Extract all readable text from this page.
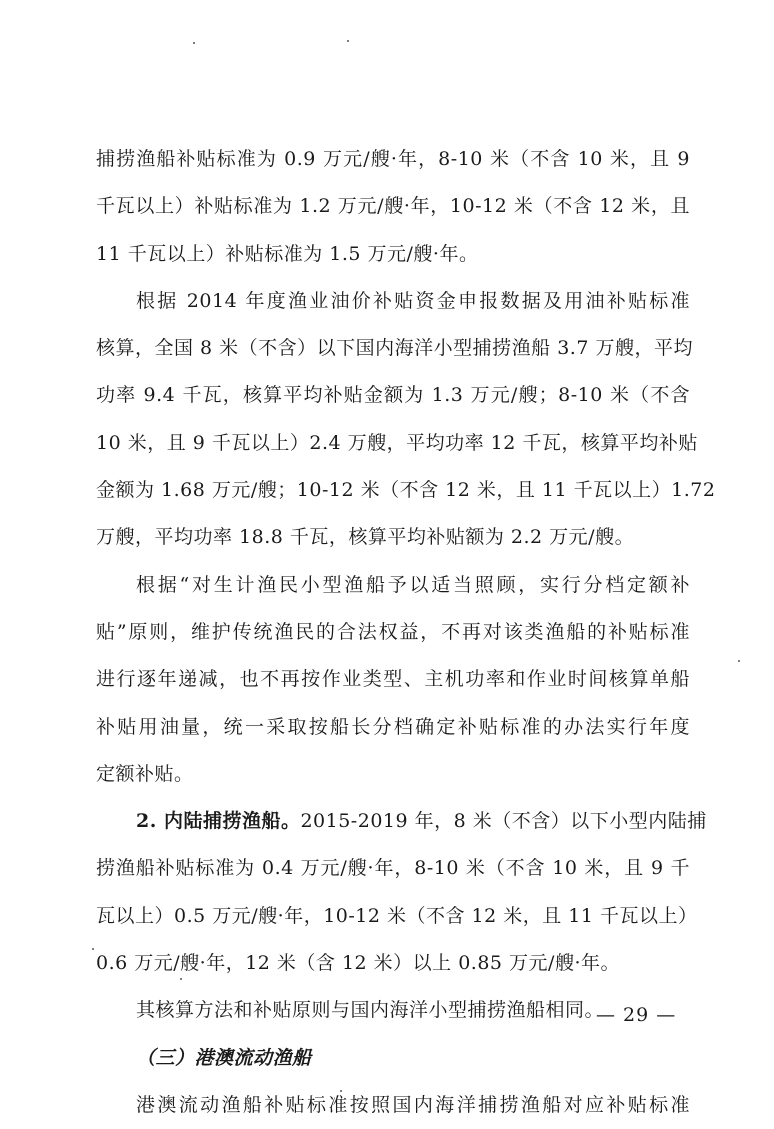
捕捞渔船补贴标准为 0.9 万元/艘·年，8-10 米（不含 10 米，且 9
千瓦以上）补贴标准为 1.2 万元/艘·年，10-12 米（不含 12 米，且
11 千瓦以上）补贴标准为 1.5 万元/艘·年。
根据 2014 年度渔业油价补贴资金申报数据及用油补贴标准
核算，全国 8 米（不含）以下国内海洋小型捕捞渔船 3.7 万艘，平均
功率 9.4 千瓦，核算平均补贴金额为 1.3 万元/艘；8-10 米（不含
10 米，且 9 千瓦以上）2.4 万艘，平均功率 12 千瓦，核算平均补贴
金额为 1.68 万元/艘；10-12 米（不含 12 米，且 11 千瓦以上）1.72
万艘，平均功率 18.8 千瓦，核算平均补贴额为 2.2 万元/艘。
根据“对生计渔民小型渔船予以适当照顾，实行分档定额补
贴”原则，维护传统渔民的合法权益，不再对该类渔船的补贴标准
进行逐年递减，也不再按作业类型、主机功率和作业时间核算单船
补贴用油量，统一采取按船长分档确定补贴标准的办法实行年度
定额补贴。
2. 内陆捕捞渔船。2015-2019 年，8 米（不含）以下小型内陆捕
捞渔船补贴标准为 0.4 万元/艘·年，8-10 米（不含 10 米，且 9 千
瓦以上）0.5 万元/艘·年，10-12 米（不含 12 米，且 11 千瓦以上）
0.6 万元/艘·年，12 米（含 12 米）以上 0.85 万元/艘·年。
其核算方法和补贴原则与国内海洋小型捕捞渔船相同。
（三）港澳流动渔船
港澳流动渔船补贴标准按照国内海洋捕捞渔船对应补贴标准
— 29 —
